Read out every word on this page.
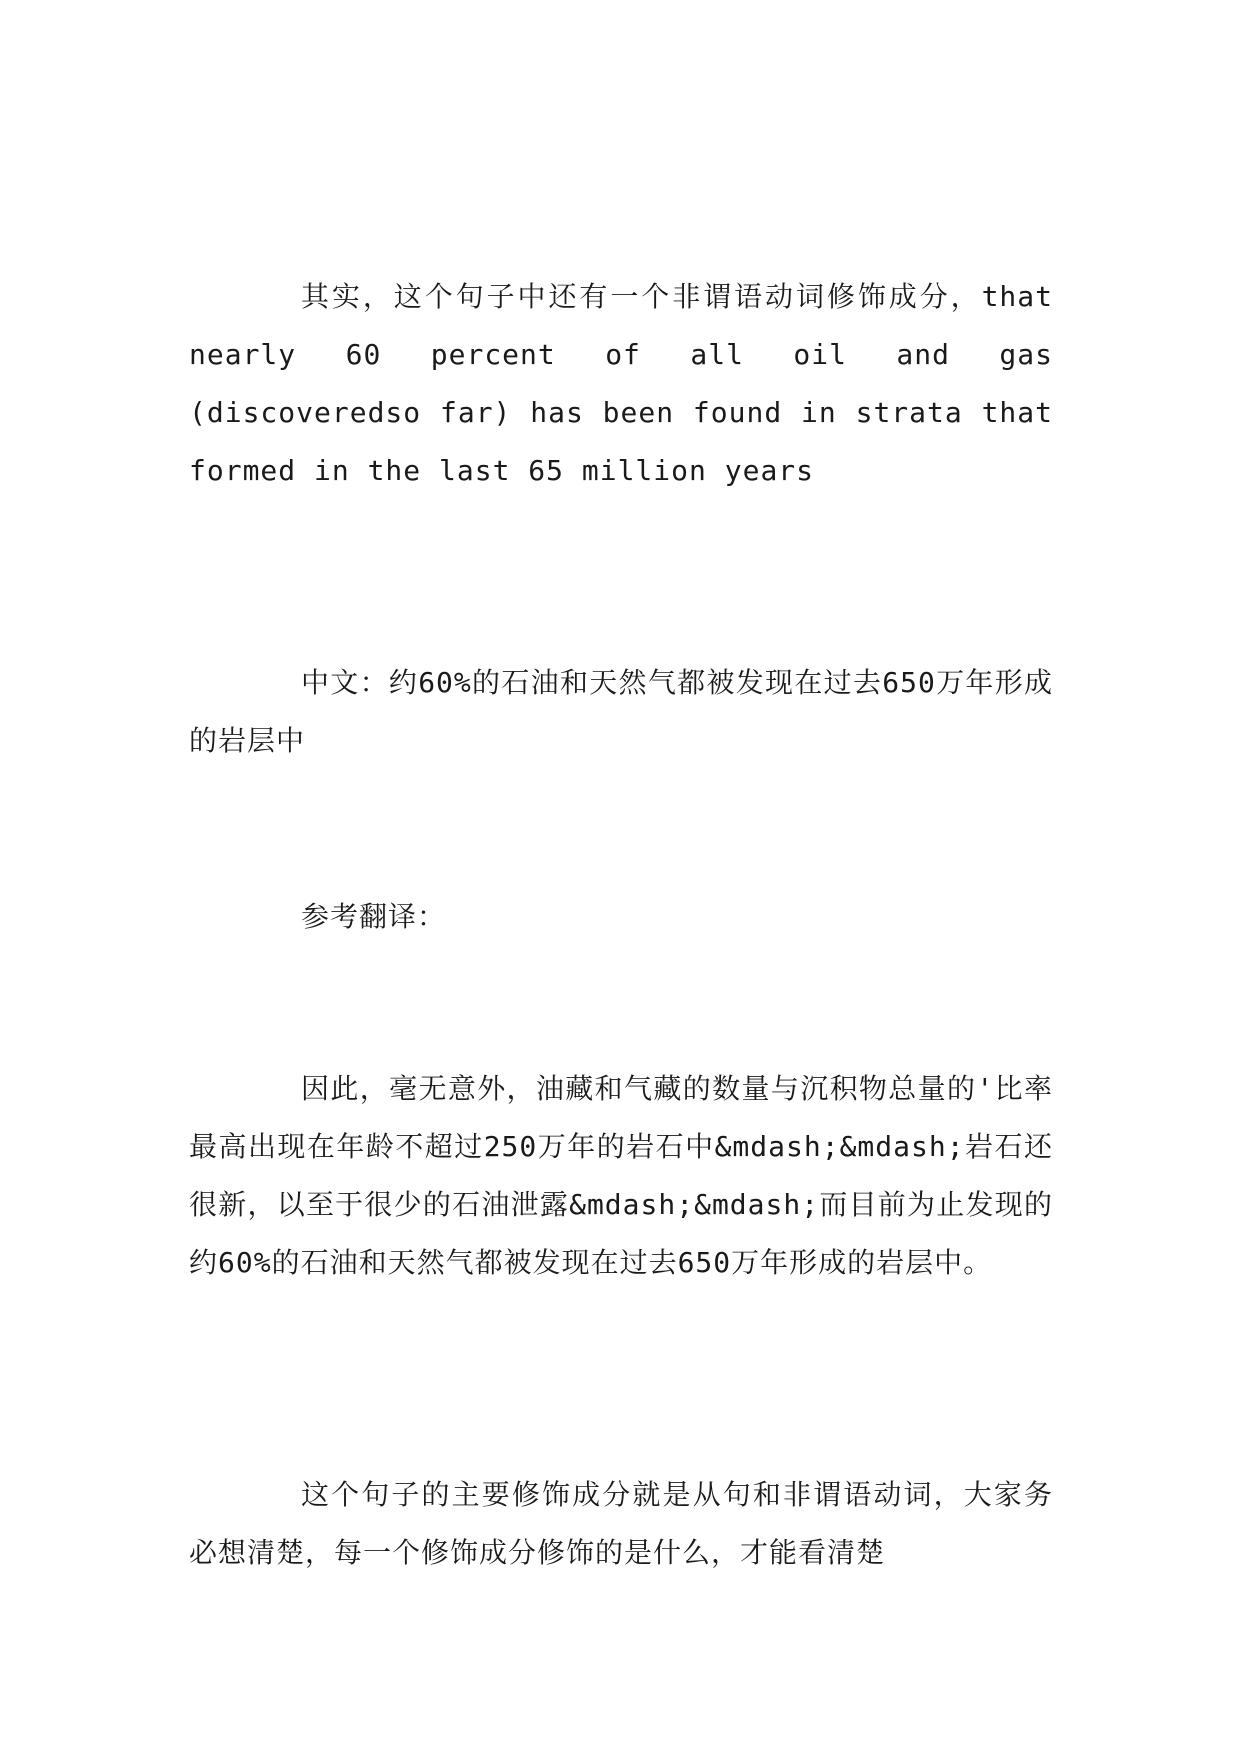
其实，这个句子中还有一个非谓语动词修饰成分，that nearly 60 percent of all oil and gas (discoveredso far) has been found in strata that formed in the last 65 million years

中文：约60%的石油和天然气都被发现在过去650万年形成的岩层中

参考翻译：

因此，毫无意外，油藏和气藏的数量与沉积物总量的'比率最高出现在年龄不超过250万年的岩石中&mdash;&mdash;岩石还很新，以至于很少的石油泄露&mdash;&mdash;而目前为止发现的约60%的石油和天然气都被发现在过去650万年形成的岩层中。

这个句子的主要修饰成分就是从句和非谓语动词，大家务必想清楚，每一个修饰成分修饰的是什么，才能看清楚
